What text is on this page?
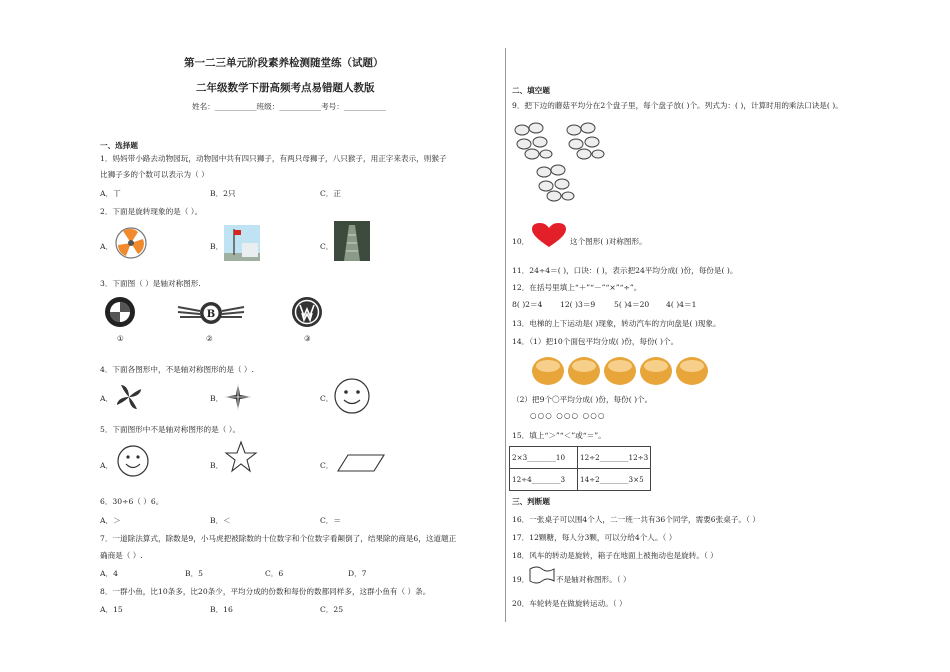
第一二三单元阶段素养检测随堂练（试题）
二年级数学下册高频考点易错题人教版
姓名：___________班级：___________考号：___________
一、选择题
1．妈妈带小路去动物园玩，动物园中共有四只狮子，有两只母狮子，八只猴子，用正字来表示，则猴子
比狮子多的个数可以表示为（ ）
A．丅	B．2只	C．正
2．下面是旋转现象的是（ ）。
A．	B．	C．
3．下面图（ ）是轴对称图形.
B
①	②	③
4．下面各图形中，不是轴对称图形的是（ ）.
A．	B．	C．
5．下面图形中不是轴对称图形的是（ ）。
A．	B．	C．
6．30÷6（ ）6。
A．＞	B．＜	C．＝
7．一道除法算式，除数是9，小马虎把被除数的十位数字和个位数字看颠倒了，结果除的商是6，这道题正
确商是（ ）.
A．4	B．5	C．6	D．7
8．一群小鱼，比10条多，比20条少，平均分成的份数和每份的数都同样多，这群小鱼有（ ）条。
A．15	B．16	C．25
二、填空题
9．把下边的蘑菇平均分在2个盘子里，每个盘子放( )个。列式为：( )，计算时用的乘法口诀是( )。
10．	这个图形( )对称图形。
11．24÷4＝( )，口诀：( )，表示把24平均分成( )份，每份是( )。
12．在括号里填上“＋”“－”“×”“÷”。
8( )2＝4 12( )3＝9 5( )4＝20 4( )4＝1
13．电梯的上下运动是( )现象，转动汽车的方向盘是( )现象。
14．（1）把10个面包平均分成( )份，每份( )个。
（2）把9个〇平均分成( )份，每份( )个。
○○○ ○○○ ○○○
15．填上“＞”“＜”或“＝”。
2×3________10	12÷2________12÷3
12÷4________3	14÷2________3×5
三、判断题
16．一张桌子可以围4个人，二一班一共有36个同学，需要6张桌子。（ ）
17．12颗糖，每人分3颗，可以分给4个人。（ ）
18．风车的转动是旋转，箱子在地面上被拖动也是旋转。（ ）
19．	不是轴对称图形。（ ）
20．车轮转是在做旋转运动。（ ）
